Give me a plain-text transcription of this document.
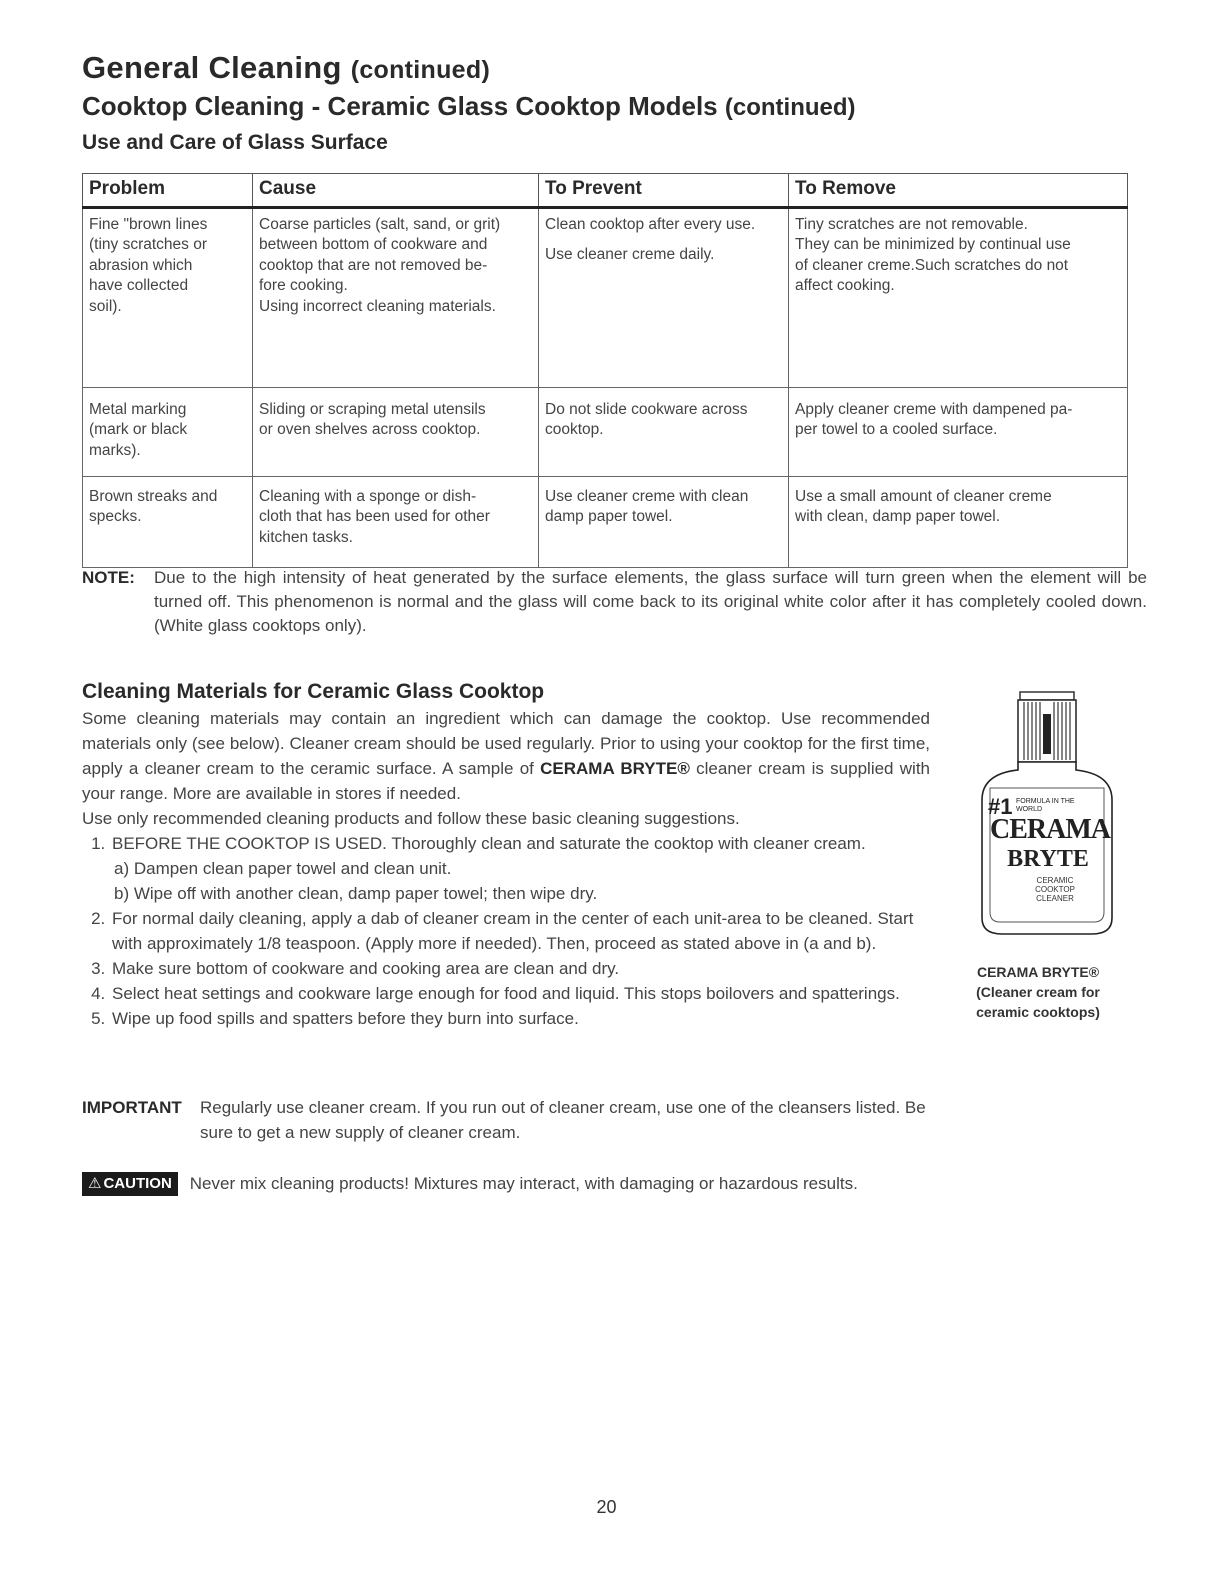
General Cleaning (continued)
Cooktop Cleaning - Ceramic Glass Cooktop Models (continued)
Use and Care of Glass Surface
Problem	Cause	To Prevent	To Remove

Fine "brown lines
(tiny scratches or
abrasion which
have collected
soil).	Coarse particles (salt, sand, or grit)
between bottom of cookware and
cooktop that are not removed be-
fore cooking.
Using incorrect cleaning materials.	Clean cooktop after every use.
Use cleaner creme daily.	Tiny scratches are not removable.
They can be minimized by continual use
of cleaner creme.Such scratches do not
affect cooking.

Metal marking
(mark or black
marks).	Sliding or scraping metal utensils
or oven shelves across cooktop.	Do not slide cookware across
cooktop.	Apply cleaner creme with dampened pa-
per towel to a cooled surface.

Brown streaks and
specks.	Cleaning with a sponge or dish-
cloth that has been used for other
kitchen tasks.	Use cleaner creme with clean
damp paper towel.	Use a small amount of cleaner creme
with clean, damp paper towel.
NOTE: Due to the high intensity of heat generated by the surface elements, the glass surface will turn green when the element will be turned off. This phenomenon is normal and the glass will come back to its original white color after it has completely cooled down. (White glass cooktops only).
Cleaning Materials for Ceramic Glass Cooktop

Some cleaning materials may contain an ingredient which can damage the cooktop. Use recommended materials only (see below). Cleaner cream should be used regularly. Prior to using your cooktop for the first time, apply a cleaner cream to the ceramic surface. A sample of CERAMA BRYTE® cleaner cream is supplied with your range. More are available in stores if needed.

Use only recommended cleaning products and follow these basic cleaning suggestions.

1. BEFORE THE COOKTOP IS USED. Thoroughly clean and saturate the cooktop with cleaner cream.
a) Dampen clean paper towel and clean unit.
b) Wipe off with another clean, damp paper towel; then wipe dry.
2. For normal daily cleaning, apply a dab of cleaner cream in the center of each unit-area to be cleaned. Start with approximately 1/8 teaspoon. (Apply more if needed). Then, proceed as stated above in (a and b).
3. Make sure bottom of cookware and cooking area are clean and dry.
4. Select heat settings and cookware large enough for food and liquid. This stops boilovers and spatterings.
5. Wipe up food spills and spatters before they burn into surface.
IMPORTANT Regularly use cleaner cream. If you run out of cleaner cream, use one of the cleansers listed. Be sure to get a new supply of cleaner cream.
⚠ CAUTION Never mix cleaning products! Mixtures may interact, with damaging or hazardous results.
#1 FORMULA IN THE WORLD
CERAMA
BRYTE
CERAMIC COOKTOP CLEANER
CERAMA BRYTE®
(Cleaner cream for ceramic cooktops)
20
